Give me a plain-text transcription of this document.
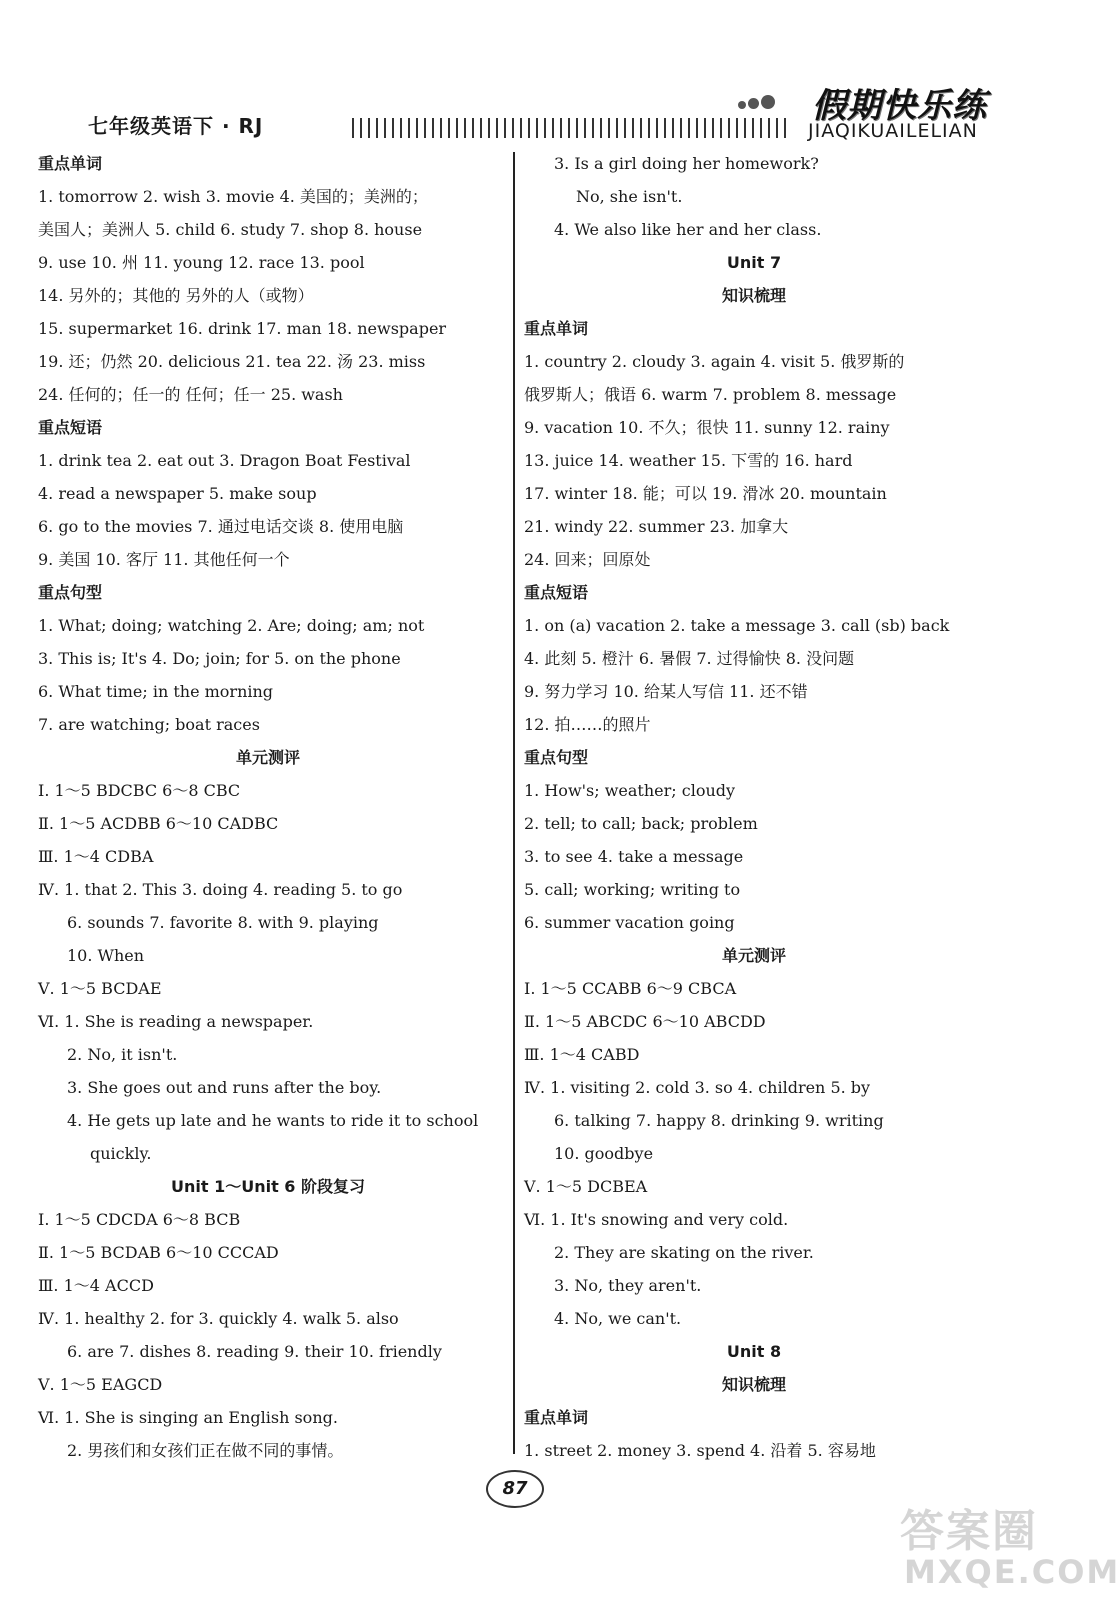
七年级英语下 · RJ	假期快乐练
JIAQIKUAILELIAN
重点单词
1. tomorrow 2. wish 3. movie 4. 美国的；美洲的；
美国人；美洲人 5. child 6. study 7. shop 8. house
9. use 10. 州 11. young 12. race 13. pool
14. 另外的；其他的 另外的人（或物）
15. supermarket 16. drink 17. man 18. newspaper
19. 还；仍然 20. delicious 21. tea 22. 汤 23. miss
24. 任何的；任一的 任何；任一 25. wash
重点短语
1. drink tea 2. eat out 3. Dragon Boat Festival
4. read a newspaper 5. make soup
6. go to the movies 7. 通过电话交谈 8. 使用电脑
9. 美国 10. 客厅 11. 其他任何一个
重点句型
1. What; doing; watching 2. Are; doing; am; not
3. This is; It's 4. Do; join; for 5. on the phone
6. What time; in the morning
7. are watching; boat races
单元测评
Ⅰ. 1～5 BDCBC 6～8 CBC
Ⅱ. 1～5 ACDBB 6～10 CADBC
Ⅲ. 1～4 CDBA
Ⅳ. 1. that 2. This 3. doing 4. reading 5. to go
6. sounds 7. favorite 8. with 9. playing
10. When
Ⅴ. 1～5 BCDAE
Ⅵ. 1. She is reading a newspaper.
2. No, it isn't.
3. She goes out and runs after the boy.
4. He gets up late and he wants to ride it to school
quickly.
Unit 1～Unit 6 阶段复习
Ⅰ. 1～5 CDCDA 6～8 BCB
Ⅱ. 1～5 BCDAB 6～10 CCCAD
Ⅲ. 1～4 ACCD
Ⅳ. 1. healthy 2. for 3. quickly 4. walk 5. also
6. are 7. dishes 8. reading 9. their 10. friendly
Ⅴ. 1～5 EAGCD
Ⅵ. 1. She is singing an English song.
2. 男孩们和女孩们正在做不同的事情。
3. Is a girl doing her homework?
No, she isn't.
4. We also like her and her class.
Unit 7
知识梳理
重点单词
1. country 2. cloudy 3. again 4. visit 5. 俄罗斯的
俄罗斯人；俄语 6. warm 7. problem 8. message
9. vacation 10. 不久；很快 11. sunny 12. rainy
13. juice 14. weather 15. 下雪的 16. hard
17. winter 18. 能；可以 19. 滑冰 20. mountain
21. windy 22. summer 23. 加拿大
24. 回来；回原处
重点短语
1. on (a) vacation 2. take a message 3. call (sb) back
4. 此刻 5. 橙汁 6. 暑假 7. 过得愉快 8. 没问题
9. 努力学习 10. 给某人写信 11. 还不错
12. 拍……的照片
重点句型
1. How's; weather; cloudy
2. tell; to call; back; problem
3. to see 4. take a message
5. call; working; writing to
6. summer vacation going
单元测评
Ⅰ. 1～5 CCABB 6～9 CBCA
Ⅱ. 1～5 ABCDC 6～10 ABCDD
Ⅲ. 1～4 CABD
Ⅳ. 1. visiting 2. cold 3. so 4. children 5. by
6. talking 7. happy 8. drinking 9. writing
10. goodbye
Ⅴ. 1～5 DCBEA
Ⅵ. 1. It's snowing and very cold.
2. They are skating on the river.
3. No, they aren't.
4. No, we can't.
Unit 8
知识梳理
重点单词
1. street 2. money 3. spend 4. 沿着 5. 容易地
87
答案圈
MXQE.COM
